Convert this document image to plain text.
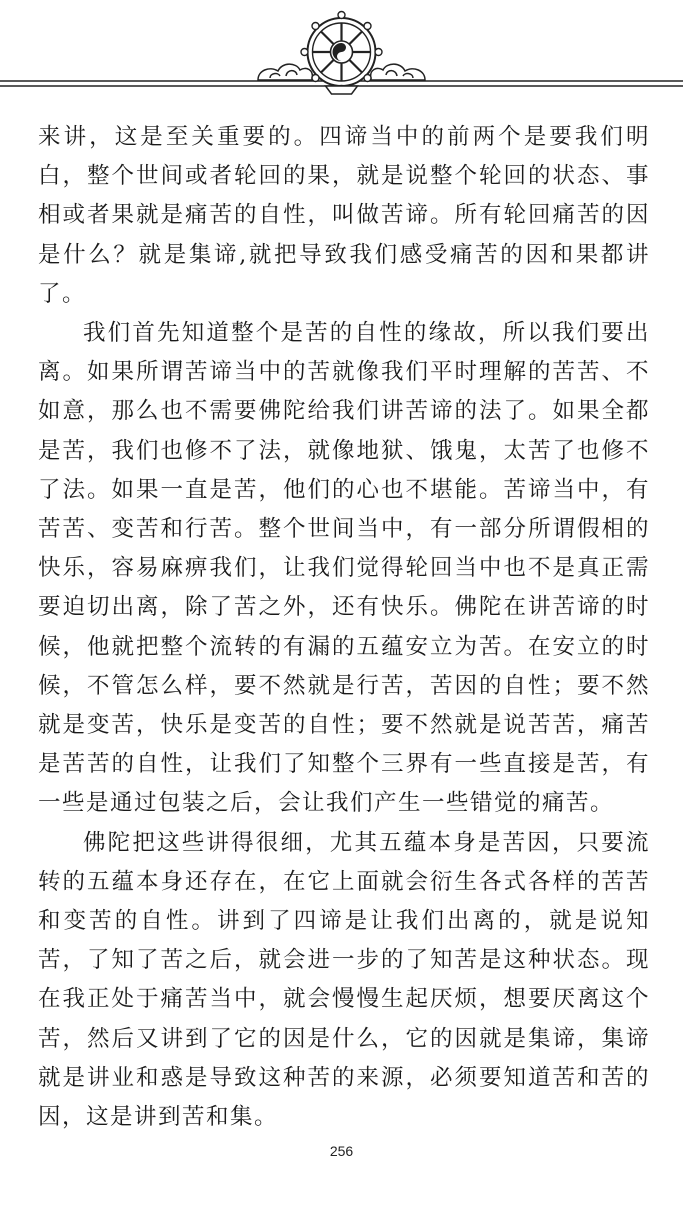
来讲，这是至关重要的。四谛当中的前两个是要我们明白，整个世间或者轮回的果，就是说整个轮回的状态、事相或者果就是痛苦的自性，叫做苦谛。所有轮回痛苦的因是什么？就是集谛,就把导致我们感受痛苦的因和果都讲了。

我们首先知道整个是苦的自性的缘故，所以我们要出离。如果所谓苦谛当中的苦就像我们平时理解的苦苦、不如意，那么也不需要佛陀给我们讲苦谛的法了。如果全都是苦，我们也修不了法，就像地狱、饿鬼，太苦了也修不了法。如果一直是苦，他们的心也不堪能。苦谛当中，有苦苦、变苦和行苦。整个世间当中，有一部分所谓假相的快乐，容易麻痹我们，让我们觉得轮回当中也不是真正需要迫切出离，除了苦之外，还有快乐。佛陀在讲苦谛的时候，他就把整个流转的有漏的五蕴安立为苦。在安立的时候，不管怎么样，要不然就是行苦，苦因的自性；要不然就是变苦，快乐是变苦的自性；要不然就是说苦苦，痛苦是苦苦的自性，让我们了知整个三界有一些直接是苦，有一些是通过包装之后，会让我们产生一些错觉的痛苦。

佛陀把这些讲得很细，尤其五蕴本身是苦因，只要流转的五蕴本身还存在，在它上面就会衍生各式各样的苦苦和变苦的自性。讲到了四谛是让我们出离的，就是说知苦，了知了苦之后，就会进一步的了知苦是这种状态。现在我正处于痛苦当中，就会慢慢生起厌烦，想要厌离这个苦，然后又讲到了它的因是什么，它的因就是集谛，集谛就是讲业和惑是导致这种苦的来源，必须要知道苦和苦的因，这是讲到苦和集。

256
